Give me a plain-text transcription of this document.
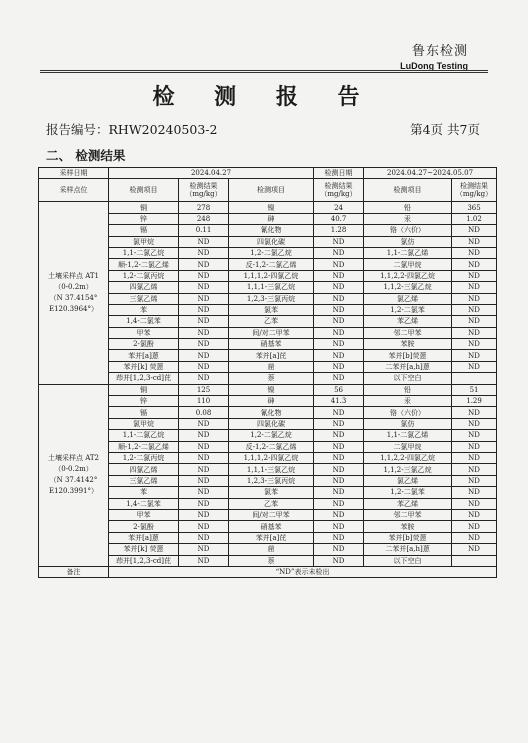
鲁东检测
LuDong Testing
检 测 报 告
报告编号：RHW20240503-2	第4页 共7页
二、 检测结果
采样日期	2024.04.27			检测日期	2024.04.27~2024.05.07	
采样点位	检测项目	检测结果（mg/kg）	检测项目	检测结果（mg/kg）	检测项目	检测结果（mg/kg）

土壤采样点 AT1
（0-0.2m）
（N 37.4154°
E120.3964°）	铜	278	镍	24	铅	365
	锌	248	砷	40.7	汞	1.02
	镉	0.11	氰化物	1.28	铬（六价）	ND
	氯甲烷	ND	四氯化碳	ND	氯仿	ND
	1,1-二氯乙烷	ND	1,2-二氯乙烷	ND	1,1-二氯乙烯	ND
	顺-1,2-二氯乙烯	ND	反-1,2-二氯乙烯	ND	二氯甲烷	ND
	1,2-二氯丙烷	ND	1,1,1,2-四氯乙烷	ND	1,1,2,2-四氯乙烷	ND
	四氯乙烯	ND	1,1,1-三氯乙烷	ND	1,1,2-三氯乙烷	ND
	三氯乙烯	ND	1,2,3-三氯丙烷	ND	氯乙烯	ND
	苯	ND	氯苯	ND	1,2-二氯苯	ND
	1,4-二氯苯	ND	乙苯	ND	苯乙烯	ND
	甲苯	ND	间/对二甲苯	ND	邻二甲苯	ND
	2-氯酚	ND	硝基苯	ND	苯胺	ND
	苯并[a]蒽	ND	苯并[a]芘	ND	苯并[b]荧蒽	ND
	苯并[k] 荧蒽	ND	䓛	ND	二苯并[a,h]蒽	ND
	茚并[1,2,3-cd]芘	ND	萘	ND	以下空白	

土壤采样点 AT2
（0-0.2m）
（N 37.4142°
E120.3991°）	铜	125	镍	56	铅	51
	锌	110	砷	41.3	汞	1.29
	镉	0.08	氰化物	ND	铬（六价）	ND
	氯甲烷	ND	四氯化碳	ND	氯仿	ND
	1,1-二氯乙烷	ND	1,2-二氯乙烷	ND	1,1-二氯乙烯	ND
	顺-1,2-二氯乙烯	ND	反-1,2-二氯乙烯	ND	二氯甲烷	ND
	1,2-二氯丙烷	ND	1,1,1,2-四氯乙烷	ND	1,1,2,2-四氯乙烷	ND
	四氯乙烯	ND	1,1,1-三氯乙烷	ND	1,1,2-三氯乙烷	ND
	三氯乙烯	ND	1,2,3-三氯丙烷	ND	氯乙烯	ND
	苯	ND	氯苯	ND	1,2-二氯苯	ND
	1,4-二氯苯	ND	乙苯	ND	苯乙烯	ND
	甲苯	ND	间/对二甲苯	ND	邻二甲苯	ND
	2-氯酚	ND	硝基苯	ND	苯胺	ND
	苯并[a]蒽	ND	苯并[a]芘	ND	苯并[b]荧蒽	ND
	苯并[k] 荧蒽	ND	䓛	ND	二苯并[a,h]蒽	ND
	茚并[1,2,3-cd]芘	ND	萘	ND	以下空白	
备注	“ND”表示未检出					
